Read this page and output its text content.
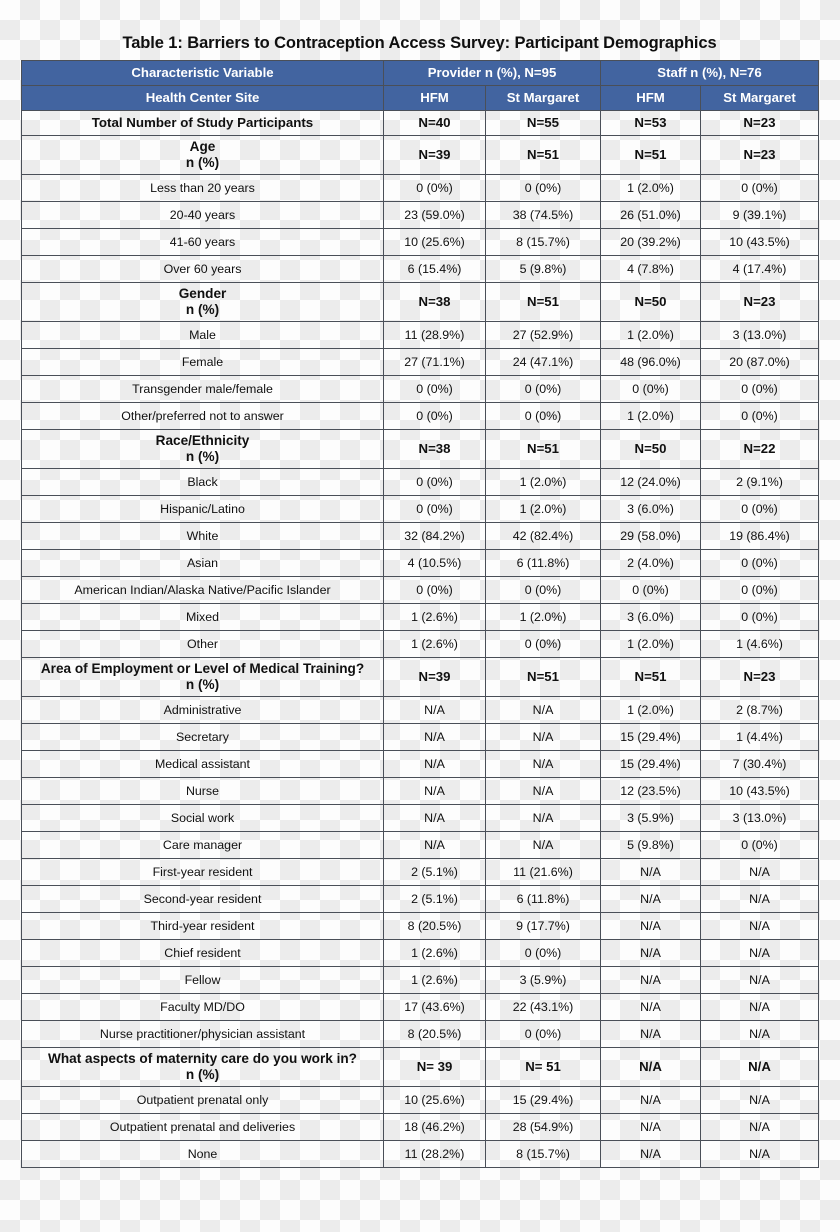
Table 1: Barriers to Contraception Access Survey: Participant Demographics
Characteristic Variable	Provider n (%), N=95		Staff n (%), N=76	
Health Center Site	HFM	St Margaret	HFM	St Margaret
Total Number of Study Participants	N=40	N=55	N=53	N=23
Age
n (%)	N=39	N=51	N=51	N=23
Less than 20 years	0 (0%)	0 (0%)	1 (2.0%)	0 (0%)
20-40 years	23 (59.0%)	38 (74.5%)	26 (51.0%)	9 (39.1%)
41-60 years	10 (25.6%)	8 (15.7%)	20 (39.2%)	10 (43.5%)
Over 60 years	6 (15.4%)	5 (9.8%)	4 (7.8%)	4 (17.4%)
Gender
n (%)	N=38	N=51	N=50	N=23
Male	11 (28.9%)	27 (52.9%)	1 (2.0%)	3 (13.0%)
Female	27 (71.1%)	24 (47.1%)	48 (96.0%)	20 (87.0%)
Transgender male/female	0 (0%)	0 (0%)	0 (0%)	0 (0%)
Other/preferred not to answer	0 (0%)	0 (0%)	1 (2.0%)	0 (0%)
Race/Ethnicity
n (%)	N=38	N=51	N=50	N=22
Black	0 (0%)	1 (2.0%)	12 (24.0%)	2 (9.1%)
Hispanic/Latino	0 (0%)	1 (2.0%)	3 (6.0%)	0 (0%)
White	32 (84.2%)	42 (82.4%)	29 (58.0%)	19 (86.4%)
Asian	4 (10.5%)	6 (11.8%)	2 (4.0%)	0 (0%)
American Indian/Alaska Native/Pacific Islander	0 (0%)	0 (0%)	0 (0%)	0 (0%)
Mixed	1 (2.6%)	1 (2.0%)	3 (6.0%)	0 (0%)
Other	1 (2.6%)	0 (0%)	1 (2.0%)	1 (4.6%)
Area of Employment or Level of Medical Training?
n (%)	N=39	N=51	N=51	N=23
Administrative	N/A	N/A	1 (2.0%)	2 (8.7%)
Secretary	N/A	N/A	15 (29.4%)	1 (4.4%)
Medical assistant	N/A	N/A	15 (29.4%)	7 (30.4%)
Nurse	N/A	N/A	12 (23.5%)	10 (43.5%)
Social work	N/A	N/A	3 (5.9%)	3 (13.0%)
Care manager	N/A	N/A	5 (9.8%)	0 (0%)
First-year resident	2 (5.1%)	11 (21.6%)	N/A	N/A
Second-year resident	2 (5.1%)	6 (11.8%)	N/A	N/A
Third-year resident	8 (20.5%)	9 (17.7%)	N/A	N/A
Chief resident	1 (2.6%)	0 (0%)	N/A	N/A
Fellow	1 (2.6%)	3 (5.9%)	N/A	N/A
Faculty MD/DO	17 (43.6%)	22 (43.1%)	N/A	N/A
Nurse practitioner/physician assistant	8 (20.5%)	0 (0%)	N/A	N/A
What aspects of maternity care do you work in?
n (%)	N= 39	N= 51	N/A	N/A
Outpatient prenatal only	10 (25.6%)	15 (29.4%)	N/A	N/A
Outpatient prenatal and deliveries	18 (46.2%)	28 (54.9%)	N/A	N/A
None	11 (28.2%)	8 (15.7%)	N/A	N/A
